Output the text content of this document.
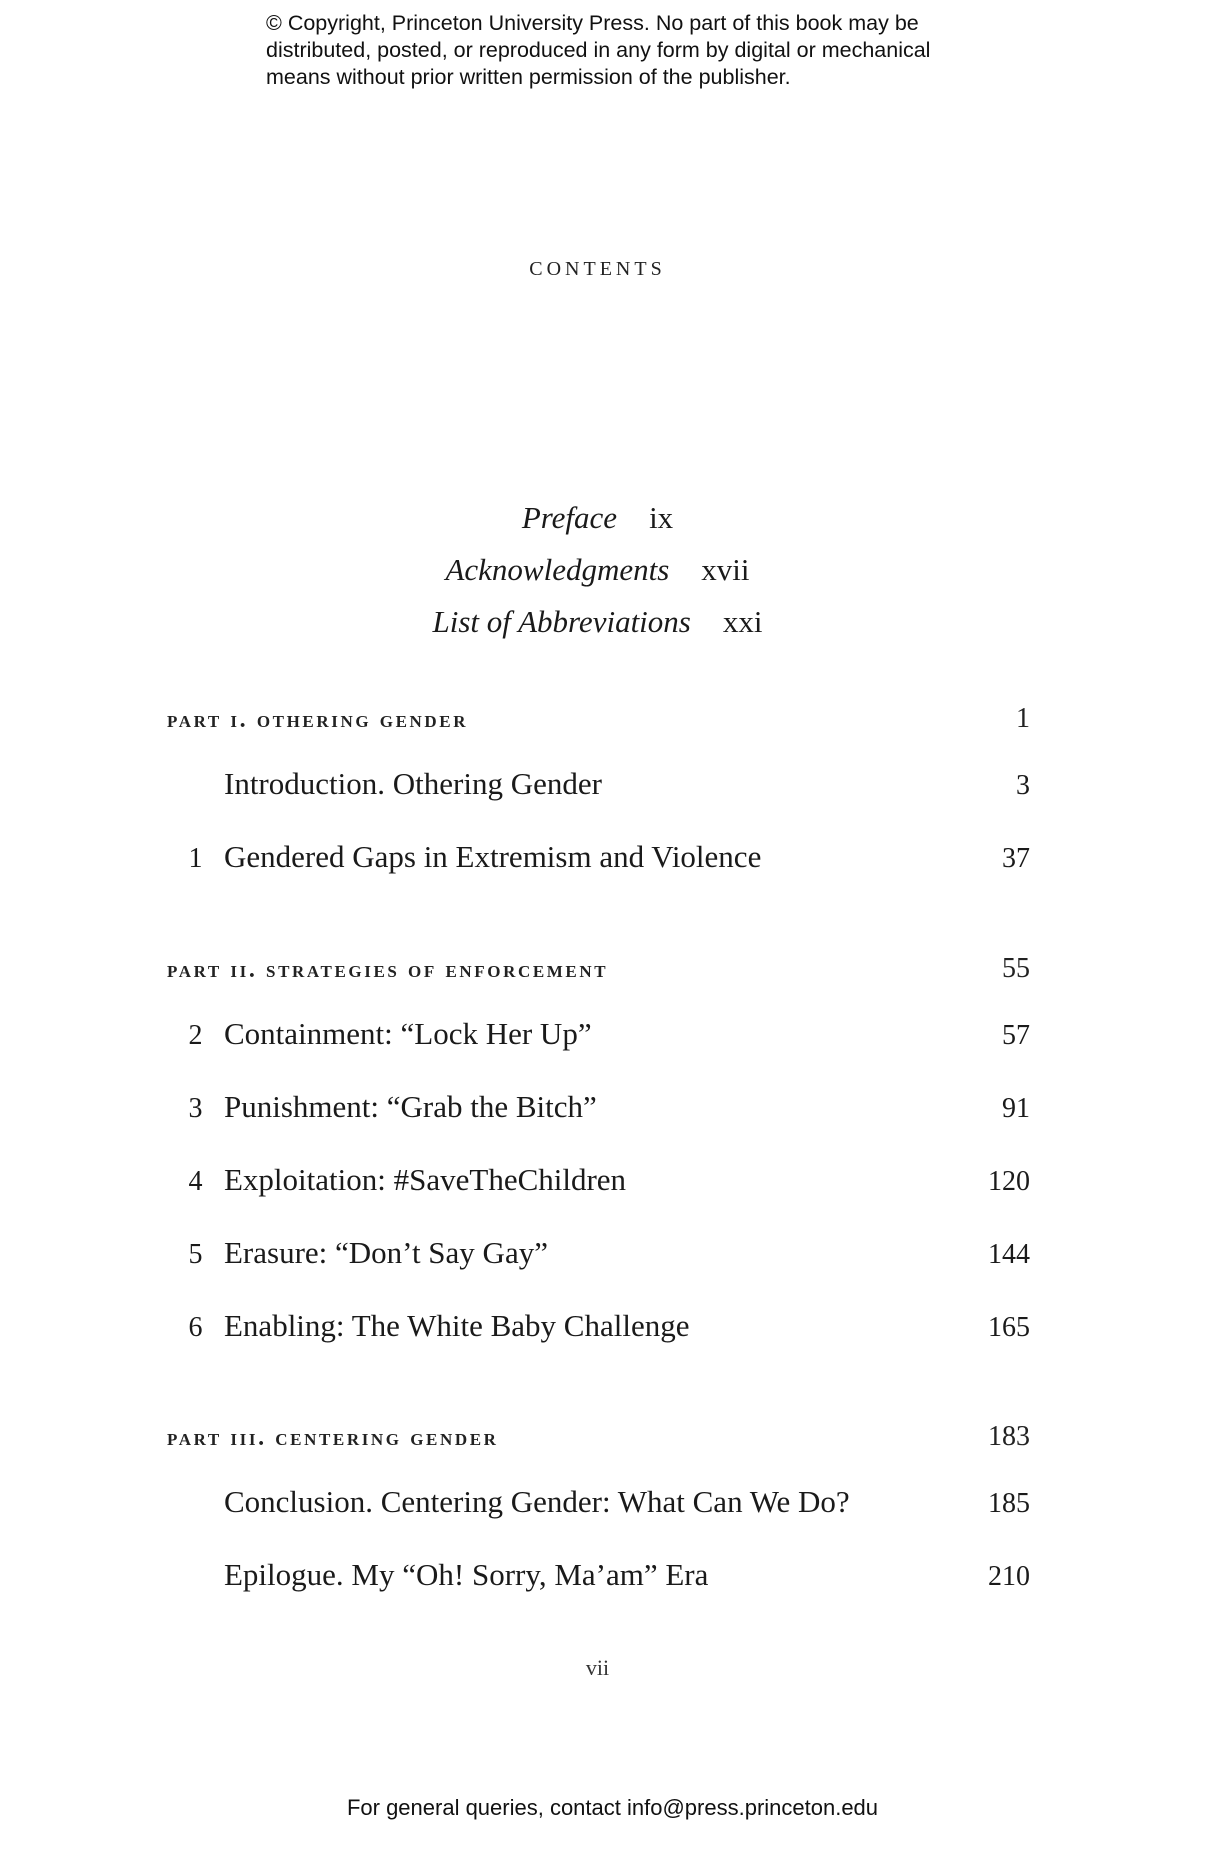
© Copyright, Princeton University Press. No part of this book may be
distributed, posted, or reproduced in any form by digital or mechanical
means without prior written permission of the publisher.
contents
Preface ix
Acknowledgments xvii
List of Abbreviations xxi
part i. othering gender	1
Introduction. Othering Gender	3
1 Gendered Gaps in Extremism and Violence	37
part ii. strategies of enforcement	55
2 Containment: “Lock Her Up”	57
3 Punishment: “Grab the Bitch”	91
4 Exploitation: #SaveTheChildren	120
5 Erasure: “Don’t Say Gay”	144
6 Enabling: The White Baby Challenge	165
part iii. centering gender	183
Conclusion. Centering Gender: What Can We Do?	185
Epilogue. My “Oh! Sorry, Ma’am” Era	210
vii
For general queries, contact info@press.princeton.edu
